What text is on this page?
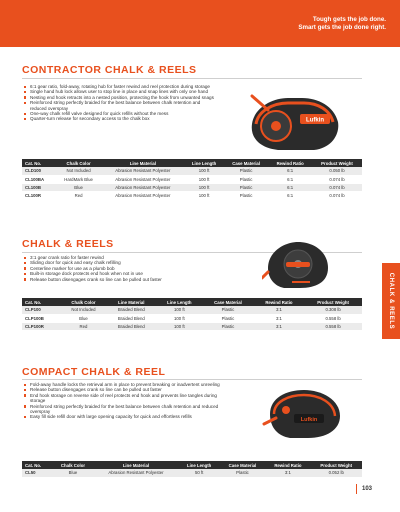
Tough gets the job done.
Smart gets the job done right.
CONTRACTOR CHALK & REELS
6:1 gear ratio, fold-away, rotating hub for faster rewind and reel protection during storage
Single hand hub lock allows user to stop line in place and snap lines with only one hand
Nesting end hook retracts into a nested position, protecting the hook from unwanted snags
Reinforced string perfectly braided for the best balance between chalk retention and reduced overspray
One-way chalk refill valve designed for quick refills without the mess
Quarter-turn release for secondary access to the chalk box	Lufkin
Cat. No.	Chalk Color	Line Material	Line Length	Case Material	Rewind Ratio	Product Weight
CLD100	Not Included	Abrasion Resistant Polyester	100 ft	Plastic	6:1	0.050 lb
CL100BA	HardMark Blue	Abrasion Resistant Polyester	100 ft	Plastic	6:1	0.074 lb
CL100B	Blue	Abrasion Resistant Polyester	100 ft	Plastic	6:1	0.074 lb
CL100R	Red	Abrasion Resistant Polyester	100 ft	Plastic	6:1	0.074 lb
CHALK & REELS
3:1 gear crank ratio for faster rewind
Sliding door for quick and easy chalk refilling
Centerline marker for use as a plumb bob
Built-in storage dock protects end hook when not in use
Release button disengages crank so line can be pulled out faster
Cat. No.	Chalk Color	Line Material	Line Length	Case Material	Rewind Ratio	Product Weight
CLP100	Not Included	Braided Blend	100 ft	Plastic	3:1	0.308 lb
CLP100B	Blue	Braided Blend	100 ft	Plastic	3:1	0.558 lb
CLP100R	Red	Braided Blend	100 ft	Plastic	3:1	0.558 lb
COMPACT CHALK & REEL
Fold-away handle locks the retrieval arm in place to prevent breaking or inadvertent unreeling
Release button disengages crank so line can be pulled out faster
End hook storage on reverse side of reel protects end hook and prevents line tangles during storage
Reinforced string perfectly braided for the best balance between chalk retention and reduced overspray
Easy fill side refill door with large opening capacity for quick and effortless refills
Lufkin
Cat. No.	Chalk Color	Line Material	Line Length	Case Material	Rewind Ratio	Product Weight
CL50	Blue	Abrasion Resistant Polyester	50 ft	Plastic	3:1	0.052 lb
CHALK & REELS
103
